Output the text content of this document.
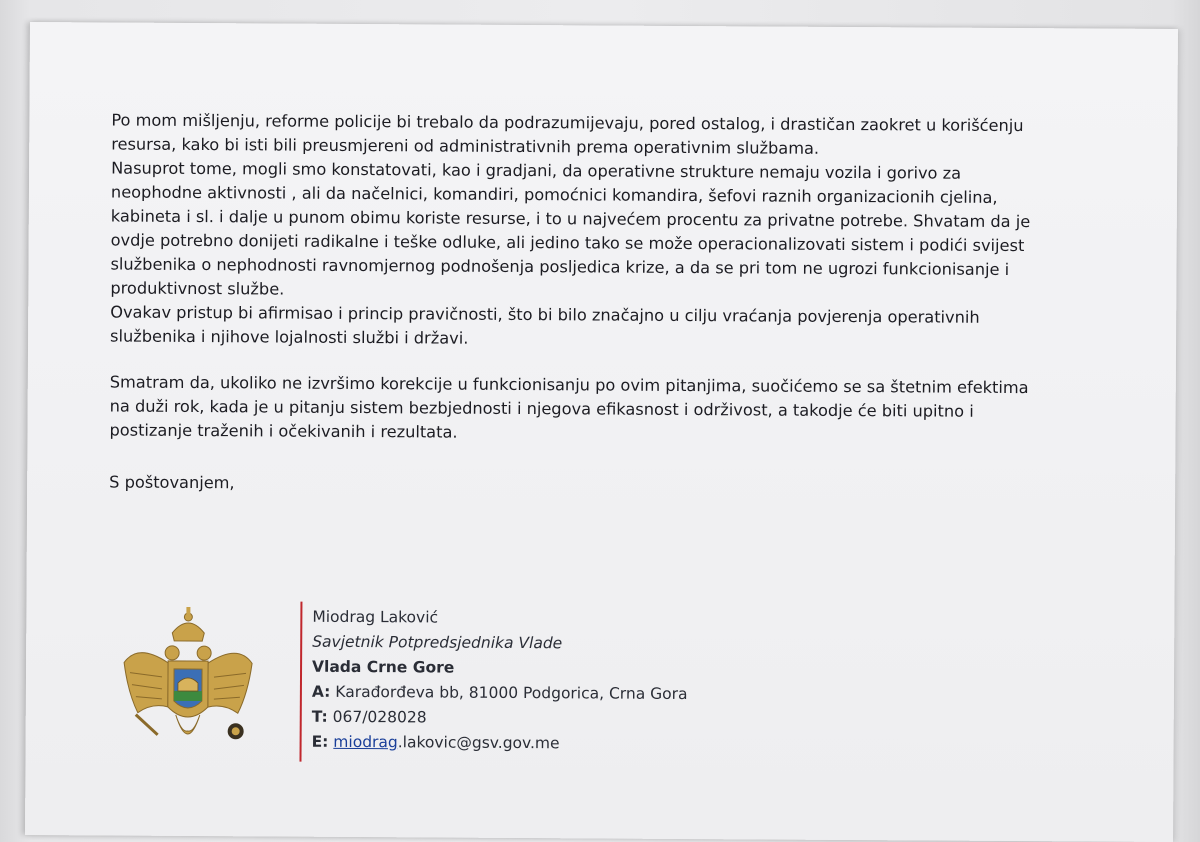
Po mom mišljenju, reforme policije bi trebalo da podrazumijevaju, pored ostalog, i drastičan zaokret u korišćenju resursa, kako bi isti bili preusmjereni od administrativnih prema operativnim službama.

Nasuprot tome, mogli smo konstatovati, kao i gradjani, da operativne strukture nemaju vozila i gorivo za neophodne aktivnosti , ali da načelnici, komandiri, pomoćnici komandira, šefovi raznih organizacionih cjelina, kabineta i sl. i dalje u punom obimu koriste resurse, i to u najvećem procentu za privatne potrebe. Shvatam da je ovdje potrebno donijeti radikalne i teške odluke, ali jedino tako se može operacionalizovati sistem i podići svijest službenika o nephodnosti ravnomjernog podnošenja posljedica krize, a da se pri tom ne ugrozi funkcionisanje i produktivnost službe.

Ovakav pristup bi afirmisao i princip pravičnosti, što bi bilo značajno u cilju vraćanja povjerenja operativnih službenika i njihove lojalnosti službi i državi.

Smatram da, ukoliko ne izvršimo korekcije u funkcionisanju po ovim pitanjima, suočićemo se sa štetnim efektima na duži rok, kada je u pitanju sistem bezbjednosti i njegova efikasnost i održivost, a takodje će biti upitno i postizanje traženih i očekivanih i rezultata.

S poštovanjem,

Miodrag Laković
Savjetnik Potpredsjednika Vlade
Vlada Crne Gore
A: Karađorđeva bb, 81000 Podgorica, Crna Gora
T: 067/028028
E: miodrag.lakovic@gsv.gov.me
